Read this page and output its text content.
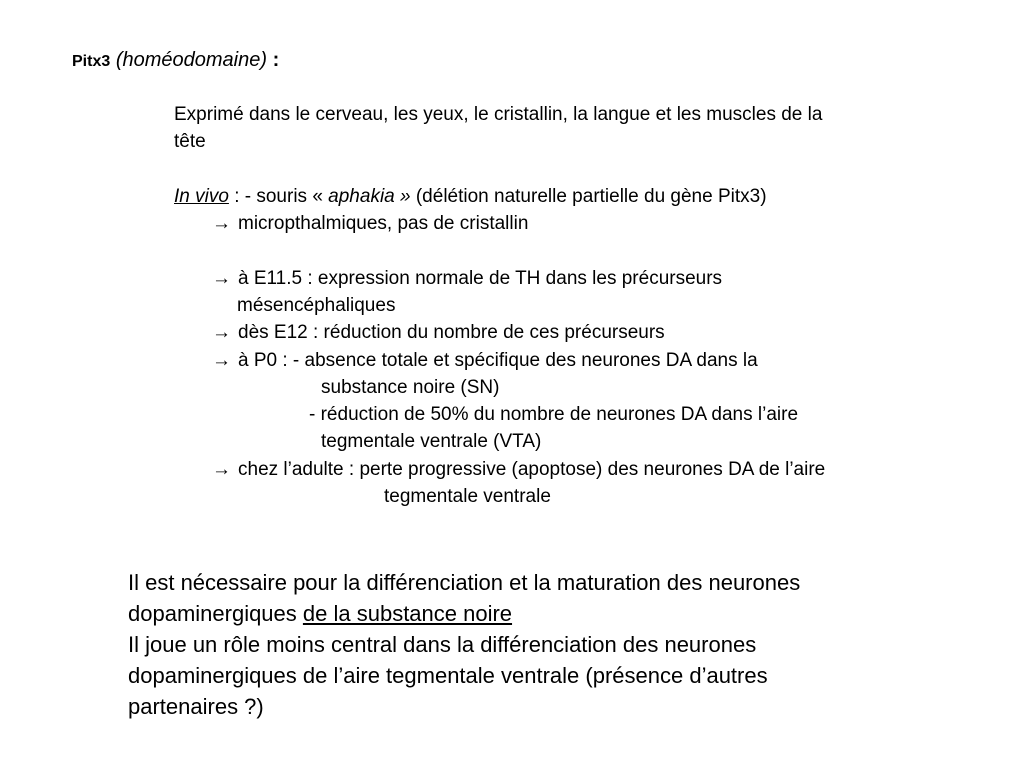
Pitx3 (homéodomaine) :
Exprimé dans le cerveau, les yeux, le cristallin, la langue et les muscles de la
tête
In vivo : - souris « aphakia » (délétion naturelle partielle du gène Pitx3)
→ micropthalmiques, pas de cristallin
→ à E11.5 : expression normale de TH dans les précurseurs
mésencéphaliques
→ dès E12 : réduction du nombre de ces précurseurs
→ à P0 : - absence totale et spécifique des neurones DA dans la
substance noire (SN)
- réduction de 50% du nombre de neurones DA dans l’aire
tegmentale ventrale (VTA)
→ chez l’adulte : perte progressive (apoptose) des neurones DA de l’aire
tegmentale ventrale
Il est nécessaire pour la différenciation et la maturation des neurones
dopaminergiques de la substance noire
Il joue un rôle moins central dans la différenciation des neurones
dopaminergiques de l’aire tegmentale ventrale (présence d’autres
partenaires ?)
